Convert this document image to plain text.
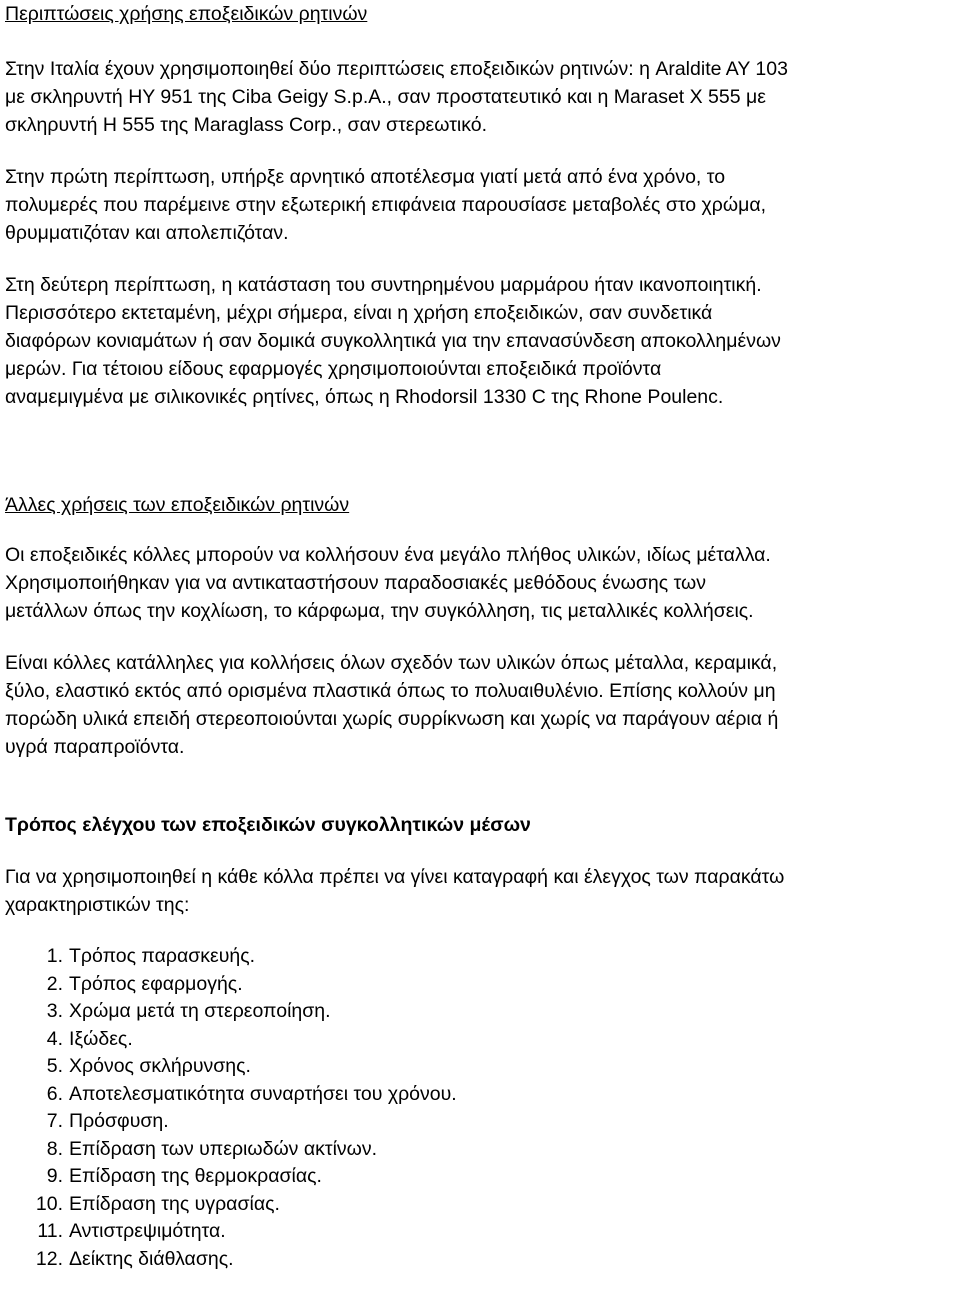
Περιπτώσεις χρήσης εποξειδικών ρητινών

Στην Ιταλία έχουν χρησιμοποιηθεί δύο περιπτώσεις εποξειδικών ρητινών: η Araldite AY 103

με σκληρυντή HY 951 της Ciba Geigy S.p.A., σαν προστατευτικό και η Maraset X 555 με

σκληρυντή H 555 της Maraglass Corp., σαν στερεωτικό.

Στην πρώτη περίπτωση, υπήρξε αρνητικό αποτέλεσμα γιατί μετά από ένα χρόνο, το

πολυμερές που παρέμεινε στην εξωτερική επιφάνεια παρουσίασε μεταβολές στο χρώμα,

θρυμματιζόταν και απολεπιζόταν.

Στη δεύτερη περίπτωση, η κατάσταση του συντηρημένου μαρμάρου ήταν ικανοποιητική.

Περισσότερο εκτεταμένη, μέχρι σήμερα, είναι η χρήση εποξειδικών, σαν συνδετικά

διαφόρων κονιαμάτων ή σαν δομικά συγκολλητικά για την επανασύνδεση αποκολλημένων

μερών. Για τέτοιου είδους εφαρμογές χρησιμοποιούνται εποξειδικά προϊόντα

αναμεμιγμένα με σιλικονικές ρητίνες, όπως η Rhodorsil 1330 C της Rhone Poulenc.

Άλλες χρήσεις των εποξειδικών ρητινών

Οι εποξειδικές κόλλες μπορούν να κολλήσουν ένα μεγάλο πλήθος υλικών, ιδίως μέταλλα.

Χρησιμοποιήθηκαν για να αντικαταστήσουν παραδοσιακές μεθόδους ένωσης των

μετάλλων όπως την κοχλίωση, το κάρφωμα, την συγκόλληση, τις μεταλλικές κολλήσεις.

Είναι κόλλες κατάλληλες για κολλήσεις όλων σχεδόν των υλικών όπως μέταλλα, κεραμικά,

ξύλο, ελαστικό εκτός από ορισμένα πλαστικά όπως το πολυαιθυλένιο. Επίσης κολλούν μη

πορώδη υλικά επειδή στερεοποιούνται χωρίς συρρίκνωση και χωρίς να παράγουν αέρια ή

υγρά παραπροϊόντα.

Τρόπος ελέγχου των εποξειδικών συγκολλητικών μέσων

Για να χρησιμοποιηθεί η κάθε κόλλα πρέπει να γίνει καταγραφή και έλεγχος των παρακάτω

χαρακτηριστικών της:

1. Τρόπος παρασκευής.
2. Τρόπος εφαρμογής.
3. Χρώμα μετά τη στερεοποίηση.
4. Ιξώδες.
5. Χρόνος σκλήρυνσης.
6. Αποτελεσματικότητα συναρτήσει του χρόνου.
7. Πρόσφυση.
8. Επίδραση των υπεριωδών ακτίνων.
9. Επίδραση της θερμοκρασίας.
10. Επίδραση της υγρασίας.
11. Αντιστρεψιμότητα.
12. Δείκτης διάθλασης.
